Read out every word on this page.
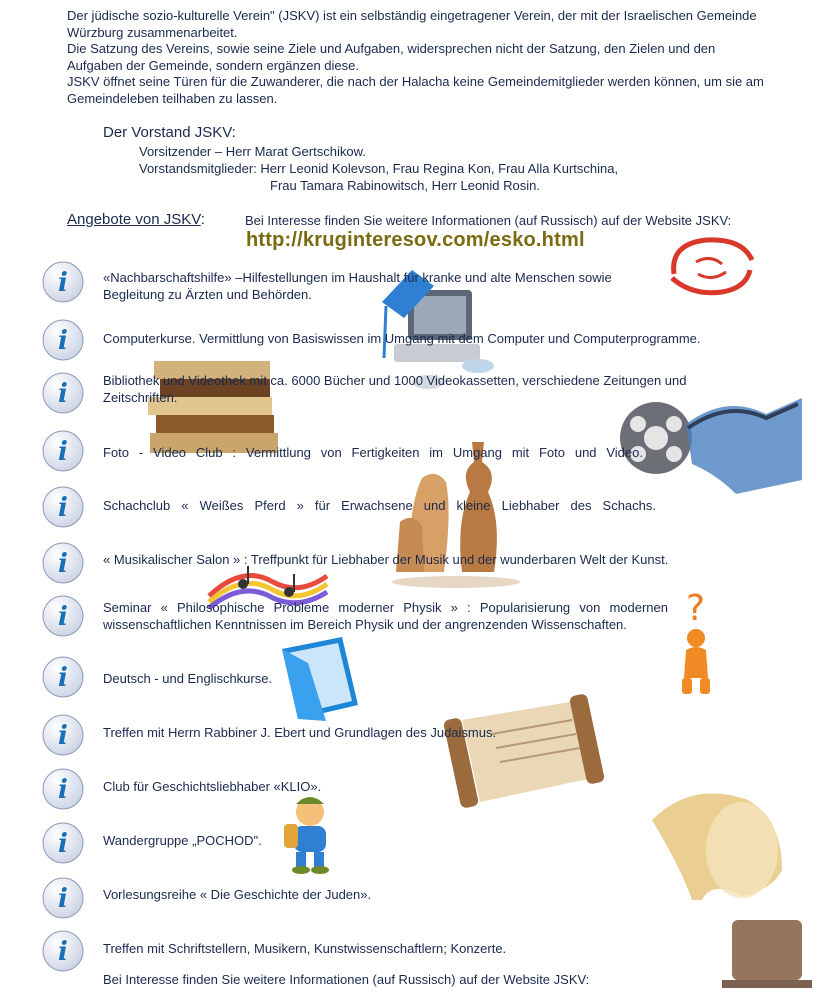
Der jüdische sozio-kulturelle Verein" (JSKV) ist ein selbständig eingetragener Verein, der mit der Israelischen Gemeinde Würzburg zusammenarbeitet.

Die Satzung des Vereins, sowie seine Ziele und Aufgaben, widersprechen nicht der Satzung, den Zielen und den Aufgaben der Gemeinde, sondern ergänzen diese.

JSKV öffnet seine Türen für die Zuwanderer, die nach der Halacha keine Gemeindemitglieder werden können, um sie am Gemeindeleben teilhaben zu lassen.

Der Vorstand JSKV:
Vorsitzender – Herr Marat Gertschikow.
Vorstandsmitglieder: Herr Leonid Kolevson, Frau Regina Kon, Frau Alla Kurtschina,
Frau Tamara Rabinowitsch, Herr Leonid Rosin.
Angebote von JSKV:	Bei Interesse finden Sie weitere Informationen (auf Russisch) auf der Website JSKV:
http://kruginteresov.com/esko.html
?
i
i
i
i
i
i
i
i
i
i
i
i
i
«Nachbarschaftshilfe» –Hilfestellungen im Haushalt für kranke und alte Menschen sowie Begleitung zu Ärzten und Behörden.
Computerkurse. Vermittlung von Basiswissen im Umgang mit dem Computer und Computerprogramme.
Bibliothek und Videothek mit ca. 6000 Bücher und 1000 Videokassetten, verschiedene Zeitungen und Zeitschriften.
Foto - Video Club : Vermittlung von Fertigkeiten im Umgang mit Foto und Video.
Schachclub « Weißes Pferd » für Erwachsene und kleine Liebhaber des Schachs.
« Musikalischer Salon » : Treffpunkt für Liebhaber der Musik und der wunderbaren Welt der Kunst.
Seminar « Philosophische Probleme moderner Physik » : Popularisierung von modernen wissenschaftlichen Kenntnissen im Bereich Physik und der angrenzenden Wissenschaften.
Deutsch - und Englischkurse.
Treffen mit Herrn Rabbiner J. Ebert und Grundlagen des Judaismus.
Club für Geschichtsliebhaber «KLIO».
Wandergruppe „POCHOD".
Vorlesungsreihe « Die Geschichte der Juden».
Treffen mit Schriftstellern, Musikern, Kunstwissenschaftlern; Konzerte.
Bei Interesse finden Sie weitere Informationen (auf Russisch) auf der Website JSKV:
